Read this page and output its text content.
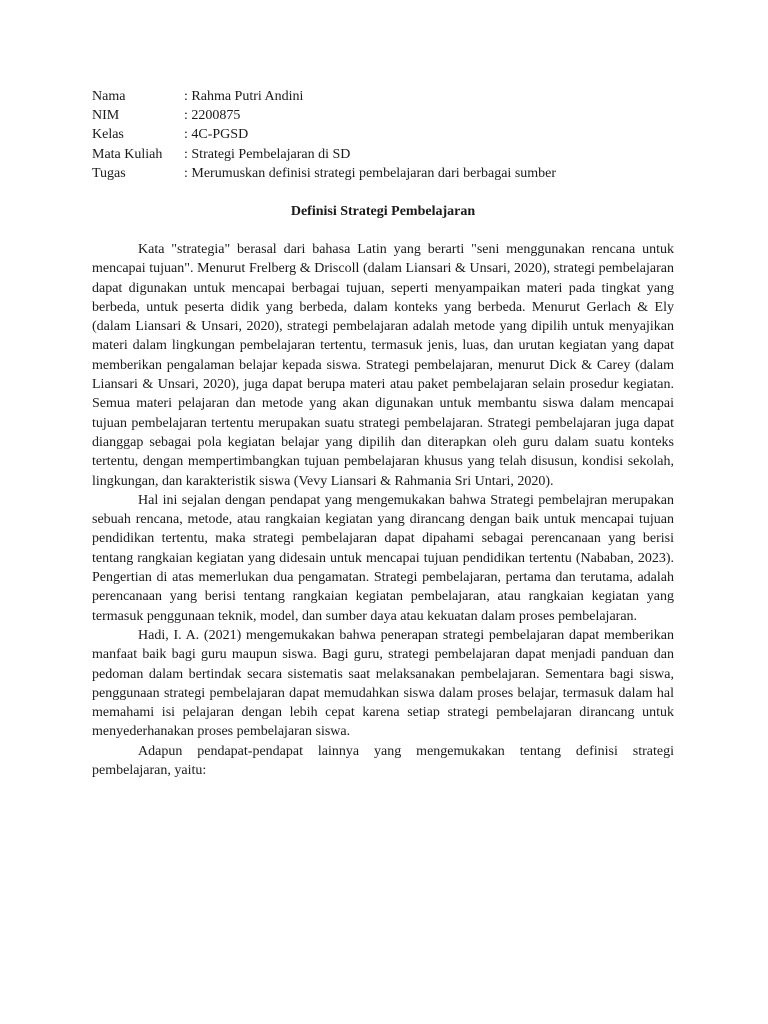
Nama	: Rahma Putri Andini
NIM	: 2200875
Kelas	: 4C-PGSD
Mata Kuliah	: Strategi Pembelajaran di SD
Tugas	: Merumuskan definisi strategi pembelajaran dari berbagai sumber
Definisi Strategi Pembelajaran

Kata "strategia" berasal dari bahasa Latin yang berarti "seni menggunakan rencana untuk mencapai tujuan". Menurut Frelberg & Driscoll (dalam Liansari & Unsari, 2020), strategi pembelajaran dapat digunakan untuk mencapai berbagai tujuan, seperti menyampaikan materi pada tingkat yang berbeda, untuk peserta didik yang berbeda, dalam konteks yang berbeda. Menurut Gerlach & Ely (dalam Liansari & Unsari, 2020), strategi pembelajaran adalah metode yang dipilih untuk menyajikan materi dalam lingkungan pembelajaran tertentu, termasuk jenis, luas, dan urutan kegiatan yang dapat memberikan pengalaman belajar kepada siswa. Strategi pembelajaran, menurut Dick & Carey (dalam Liansari & Unsari, 2020), juga dapat berupa materi atau paket pembelajaran selain prosedur kegiatan. Semua materi pelajaran dan metode yang akan digunakan untuk membantu siswa dalam mencapai tujuan pembelajaran tertentu merupakan suatu strategi pembelajaran. Strategi pembelajaran juga dapat dianggap sebagai pola kegiatan belajar yang dipilih dan diterapkan oleh guru dalam suatu konteks tertentu, dengan mempertimbangkan tujuan pembelajaran khusus yang telah disusun, kondisi sekolah, lingkungan, dan karakteristik siswa (Vevy Liansari & Rahmania Sri Untari, 2020).

Hal ini sejalan dengan pendapat yang mengemukakan bahwa Strategi pembelajran merupakan sebuah rencana, metode, atau rangkaian kegiatan yang dirancang dengan baik untuk mencapai tujuan pendidikan tertentu, maka strategi pembelajaran dapat dipahami sebagai perencanaan yang berisi tentang rangkaian kegiatan yang didesain untuk mencapai tujuan pendidikan tertentu (Nababan, 2023). Pengertian di atas memerlukan dua pengamatan. Strategi pembelajaran, pertama dan terutama, adalah perencanaan yang berisi tentang rangkaian kegiatan pembelajaran, atau rangkaian kegiatan yang termasuk penggunaan teknik, model, dan sumber daya atau kekuatan dalam proses pembelajaran.

Hadi, I. A. (2021) mengemukakan bahwa penerapan strategi pembelajaran dapat memberikan manfaat baik bagi guru maupun siswa. Bagi guru, strategi pembelajaran dapat menjadi panduan dan pedoman dalam bertindak secara sistematis saat melaksanakan pembelajaran. Sementara bagi siswa, penggunaan strategi pembelajaran dapat memudahkan siswa dalam proses belajar, termasuk dalam hal memahami isi pelajaran dengan lebih cepat karena setiap strategi pembelajaran dirancang untuk menyederhanakan proses pembelajaran siswa.

Adapun pendapat-pendapat lainnya yang mengemukakan tentang definisi strategi pembelajaran, yaitu:
